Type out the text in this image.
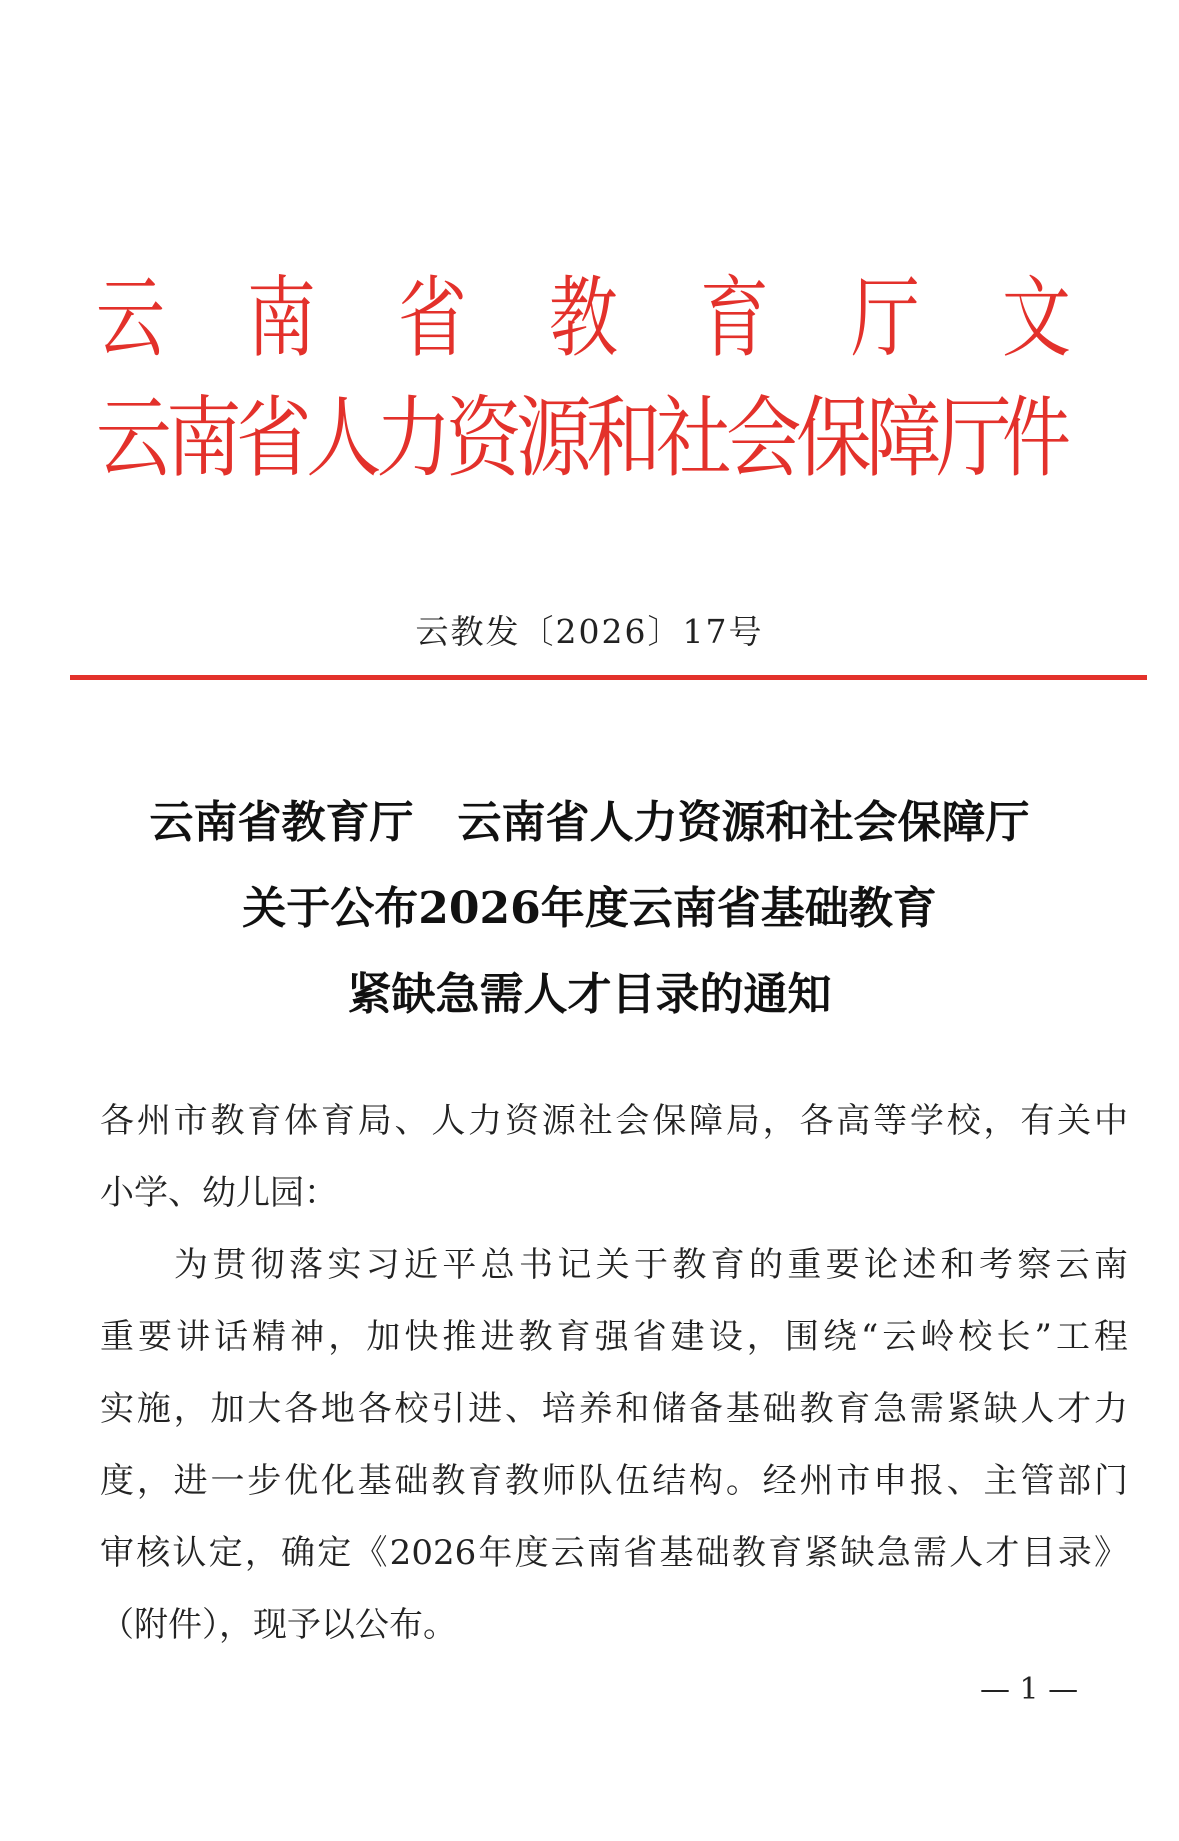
云 南 省 教 育 厅 文
云
南
省
人
力
资
源
和
社
会
保
障
厅
件
云教发〔2026〕17号
云南省教育厅　云南省人力资源和社会保障厅
关于公布2026年度云南省基础教育
紧缺急需人才目录的通知
各州市教育体育局、人力资源社会保障局，各高等学校，有关中
小学、幼儿园：
为贯彻落实习近平总书记关于教育的重要论述和考察云南
重要讲话精神，加快推进教育强省建设，围绕“云岭校长”工程
实施，加大各地各校引进、培养和储备基础教育急需紧缺人才力
度，进一步优化基础教育教师队伍结构。经州市申报、主管部门
审核认定，确定《2026年度云南省基础教育紧缺急需人才目录》
（附件），现予以公布。
— 1 —
